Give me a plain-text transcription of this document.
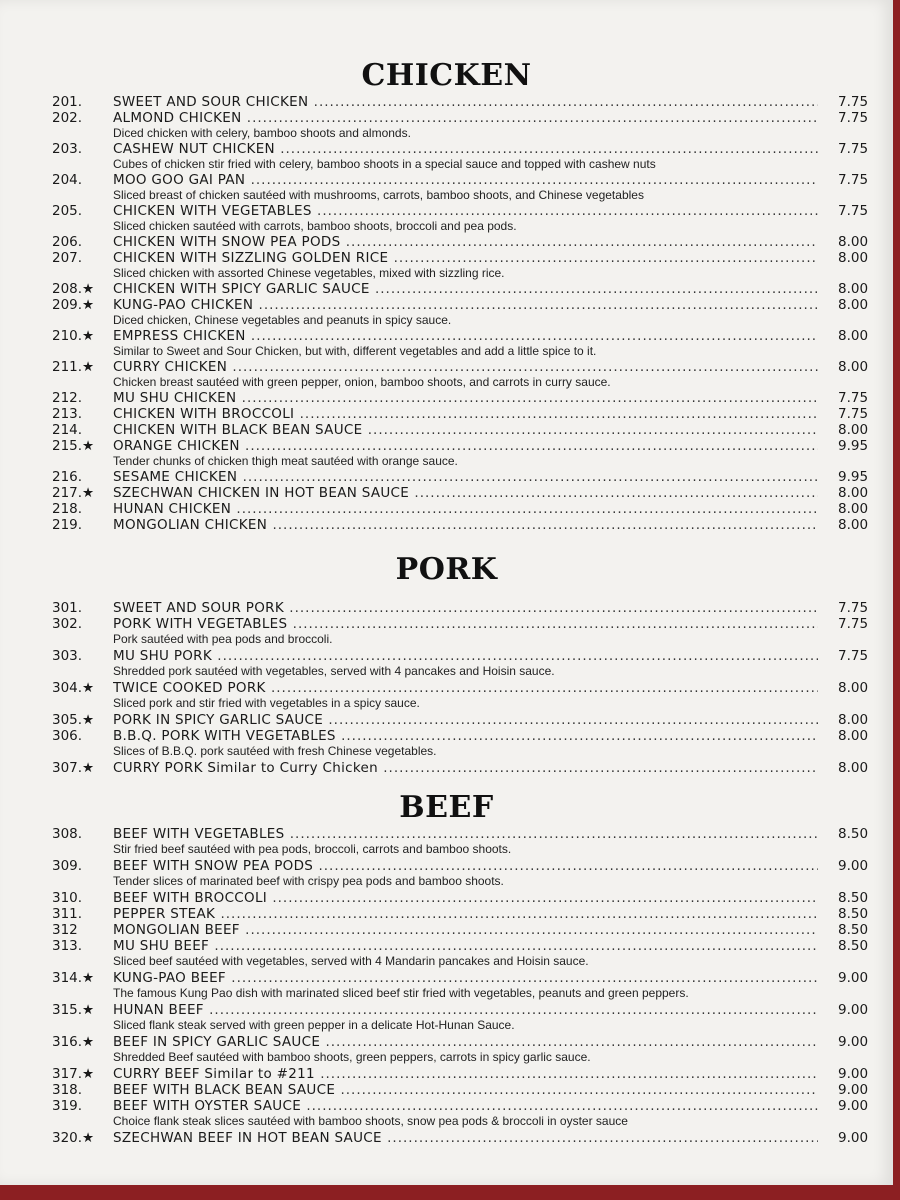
CHICKEN
201.	SWEET AND SOUR CHICKEN .....	7.75
202.	ALMOND CHICKEN .....	7.75
Diced chicken with celery, bamboo shoots and almonds.
203.	CASHEW NUT CHICKEN .....	7.75
Cubes of chicken stir fried with celery, bamboo shoots in a special sauce and topped with cashew nuts
204.	MOO GOO GAI PAN .....	7.75
Sliced breast of chicken sautéed with mushrooms, carrots, bamboo shoots, and Chinese vegetables
205.	CHICKEN WITH VEGETABLES .....	7.75
Sliced chicken sautéed with carrots, bamboo shoots, broccoli and pea pods.
206.	CHICKEN WITH SNOW PEA PODS .....	8.00
207.	CHICKEN WITH SIZZLING GOLDEN RICE .....	8.00
Sliced chicken with assorted Chinese vegetables, mixed with sizzling rice.
208.★	CHICKEN WITH SPICY GARLIC SAUCE .....	8.00
209.★	KUNG-PAO CHICKEN .....	8.00
Diced chicken, Chinese vegetables and peanuts in spicy sauce.
210.★	EMPRESS CHICKEN .....	8.00
Similar to Sweet and Sour Chicken, but with, different vegetables and add a little spice to it.
211.★	CURRY CHICKEN .....	8.00
Chicken breast sautéed with green pepper, onion, bamboo shoots, and carrots in curry sauce.
212.	MU SHU CHICKEN .....	7.75
213.	CHICKEN WITH BROCCOLI .....	7.75
214.	CHICKEN WITH BLACK BEAN SAUCE .....	8.00
215.★	ORANGE CHICKEN .....	9.95
Tender chunks of chicken thigh meat sautéed with orange sauce.
216.	SESAME CHICKEN .....	9.95
217.★	SZECHWAN CHICKEN IN HOT BEAN SAUCE .....	8.00
218.	HUNAN CHICKEN .....	8.00
219.	MONGOLIAN CHICKEN .....	8.00
PORK
301.	SWEET AND SOUR PORK .....	7.75
302.	PORK WITH VEGETABLES .....	7.75
Pork sautéed with pea pods and broccoli.
303.	MU SHU PORK .....	7.75
Shredded pork sautéed with vegetables, served with 4 pancakes and Hoisin sauce.
304.★	TWICE COOKED PORK .....	8.00
Sliced pork and stir fried with vegetables in a spicy sauce.
305.★	PORK IN SPICY GARLIC SAUCE .....	8.00
306.	B.B.Q. PORK WITH VEGETABLES .....	8.00
Slices of B.B.Q. pork sautéed with fresh Chinese vegetables.
307.★	CURRY PORK Similar to Curry Chicken .....	8.00
BEEF
308.	BEEF WITH VEGETABLES .....	8.50
Stir fried beef sautéed with pea pods, broccoli, carrots and bamboo shoots.
309.	BEEF WITH SNOW PEA PODS .....	9.00
Tender slices of marinated beef with crispy pea pods and bamboo shoots.
310.	BEEF WITH BROCCOLI .....	8.50
311.	PEPPER STEAK .....	8.50
312	MONGOLIAN BEEF .....	8.50
313.	MU SHU BEEF .....	8.50
Sliced beef sautéed with vegetables, served with 4 Mandarin pancakes and Hoisin sauce.
314.★	KUNG-PAO BEEF .....	9.00
The famous Kung Pao dish with marinated sliced beef stir fried with vegetables, peanuts and green peppers.
315.★	HUNAN BEEF .....	9.00
Sliced flank steak served with green pepper in a delicate Hot-Hunan Sauce.
316.★	BEEF IN SPICY GARLIC SAUCE .....	9.00
Shredded Beef sautéed with bamboo shoots, green peppers, carrots in spicy garlic sauce.
317.★	CURRY BEEF Similar to #211 .....	9.00
318.	BEEF WITH BLACK BEAN SAUCE .....	9.00
319.	BEEF WITH OYSTER SAUCE .....	9.00
Choice flank steak slices sautéed with bamboo shoots, snow pea pods & broccoli in oyster sauce
320.★	SZECHWAN BEEF IN HOT BEAN SAUCE .....	9.00
